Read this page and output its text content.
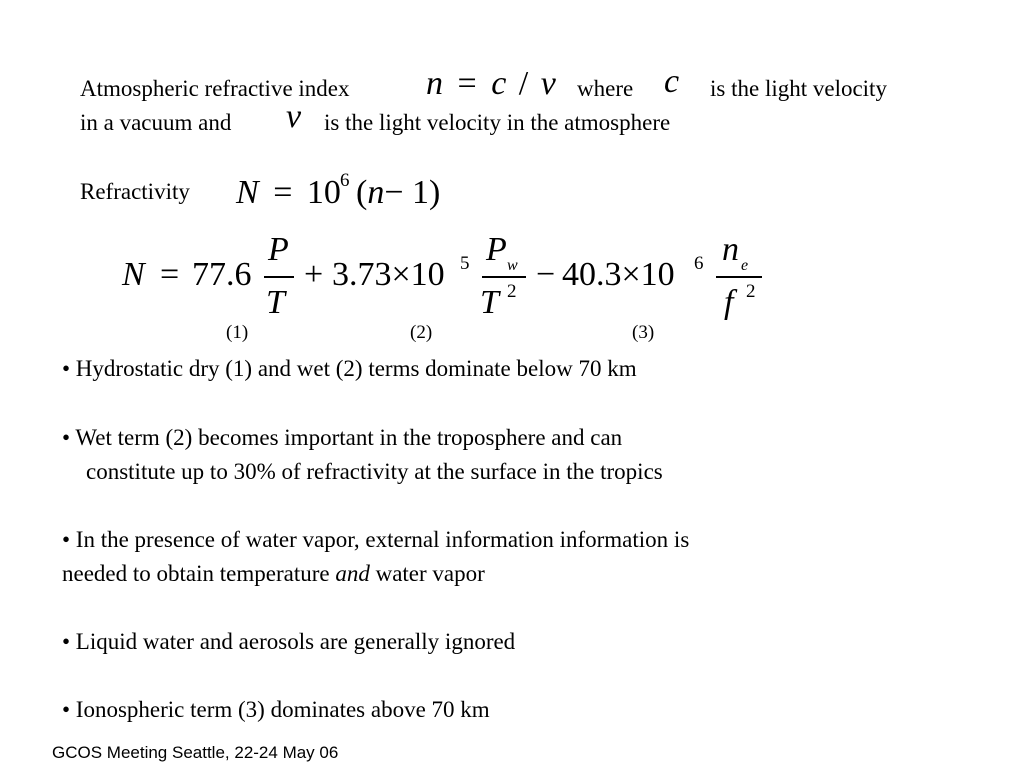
Atmospheric refractive index n = c / v where c is the light velocity
in a vacuum and v is the light velocity in the atmosphere
Refractivity N = 10 6 (n− 1)
N = 77.6
P
T
+ 3.73×10 5 P w
T 2 − 40.3×10 6 n e
f 2
(1)	(2)	(3)
• Hydrostatic dry (1) and wet (2) terms dominate below 70 km
• Wet term (2) becomes important in the troposphere and can
constitute up to 30% of refractivity at the surface in the tropics
• In the presence of water vapor, external information information is
needed to obtain temperature and water vapor
• Liquid water and aerosols are generally ignored
• Ionospheric term (3) dominates above 70 km
GCOS Meeting Seattle, 22-24 May 06
